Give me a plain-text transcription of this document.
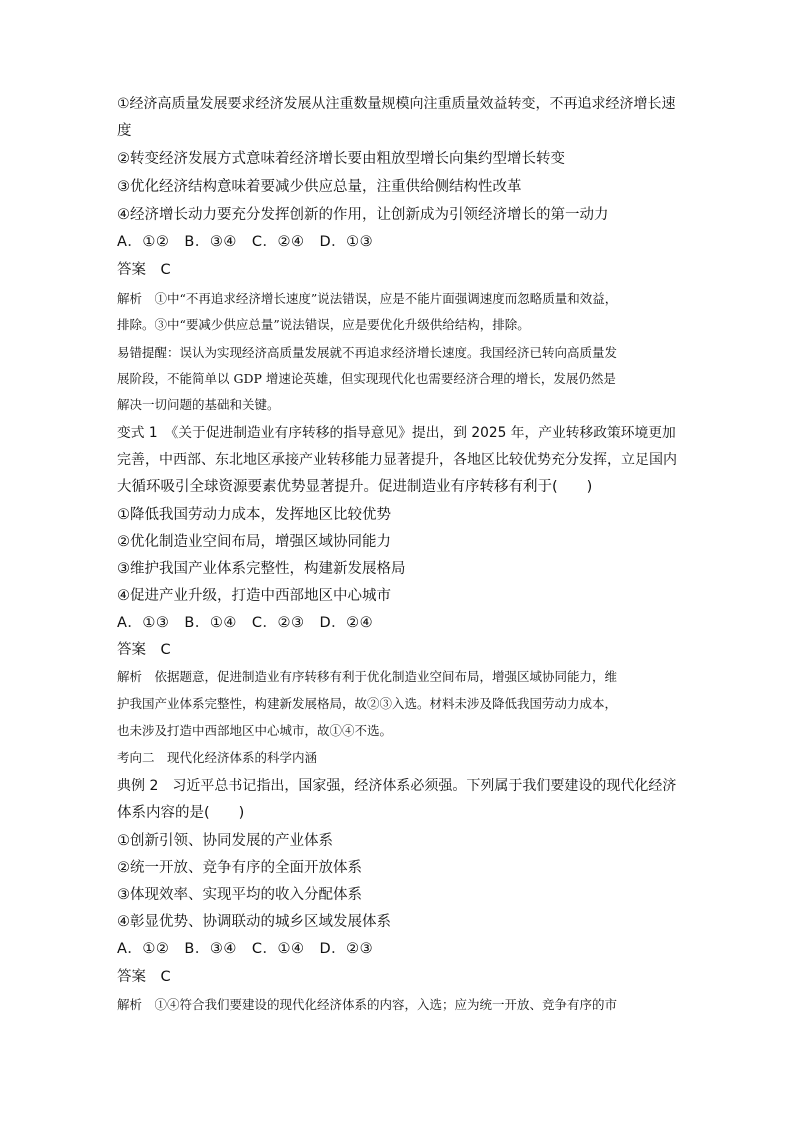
①经济高质量发展要求经济发展从注重数量规模向注重质量效益转变，不再追求经济增长速
度
②转变经济发展方式意味着经济增长要由粗放型增长向集约型增长转变
③优化经济结构意味着要减少供应总量，注重供给侧结构性改革
④经济增长动力要充分发挥创新的作用，让创新成为引领经济增长的第一动力
A．①②　B．③④　C．②④　D．①③
答案　C
解析　①中“不再追求经济增长速度”说法错误，应是不能片面强调速度而忽略质量和效益，
排除。③中“要减少供应总量”说法错误，应是要优化升级供给结构，排除。
易错提醒：误认为实现经济高质量发展就不再追求经济增长速度。我国经济已转向高质量发
展阶段，不能简单以 GDP 增速论英雄，但实现现代化也需要经济合理的增长，发展仍然是
解决一切问题的基础和关键。
变式 1　《关于促进制造业有序转移的指导意见》提出，到 2025 年，产业转移政策环境更加
完善，中西部、东北地区承接产业转移能力显著提升，各地区比较优势充分发挥，立足国内
大循环吸引全球资源要素优势显著提升。促进制造业有序转移有利于(　　)
①降低我国劳动力成本，发挥地区比较优势
②优化制造业空间布局，增强区域协同能力
③维护我国产业体系完整性，构建新发展格局
④促进产业升级，打造中西部地区中心城市
A．①③　B．①④　C．②③　D．②④
答案　C
解析　依据题意，促进制造业有序转移有利于优化制造业空间布局，增强区域协同能力，维
护我国产业体系完整性，构建新发展格局，故②③入选。材料未涉及降低我国劳动力成本，
也未涉及打造中西部地区中心城市，故①④不选。
考向二　现代化经济体系的科学内涵
典例 2　习近平总书记指出，国家强，经济体系必须强。下列属于我们要建设的现代化经济
体系内容的是(　　)
①创新引领、协同发展的产业体系
②统一开放、竞争有序的全面开放体系
③体现效率、实现平均的收入分配体系
④彰显优势、协调联动的城乡区域发展体系
A．①②　B．③④　C．①④　D．②③
答案　C
解析　①④符合我们要建设的现代化经济体系的内容，入选；应为统一开放、竞争有序的市
